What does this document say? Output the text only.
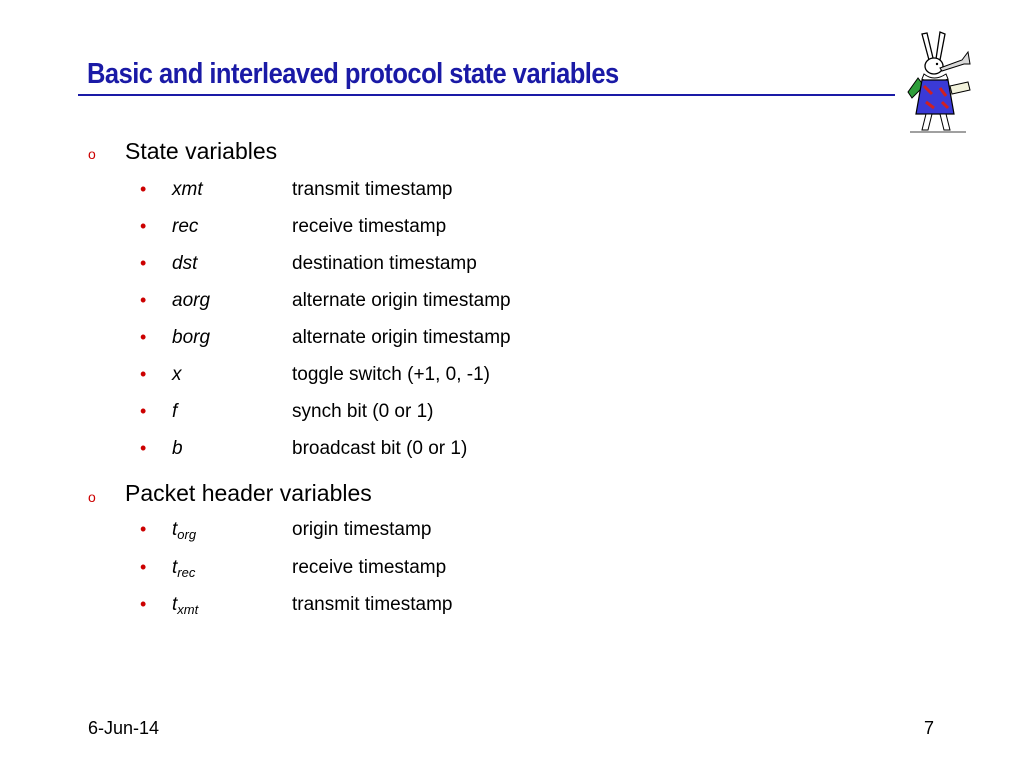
Basic and interleaved protocol state variables
o State variables
• xmt	transmit timestamp
• rec	receive timestamp
• dst	destination timestamp
• aorg	alternate origin timestamp
• borg	alternate origin timestamp
• x	toggle switch (+1, 0, -1)
• f	synch bit (0 or 1)
• b	broadcast bit (0 or 1)
o Packet header variables
• $t_{org}$	origin timestamp
• $t_{rec}$	receive timestamp
• $t_{xmt}$	transmit timestamp
6-Jun-14	7
